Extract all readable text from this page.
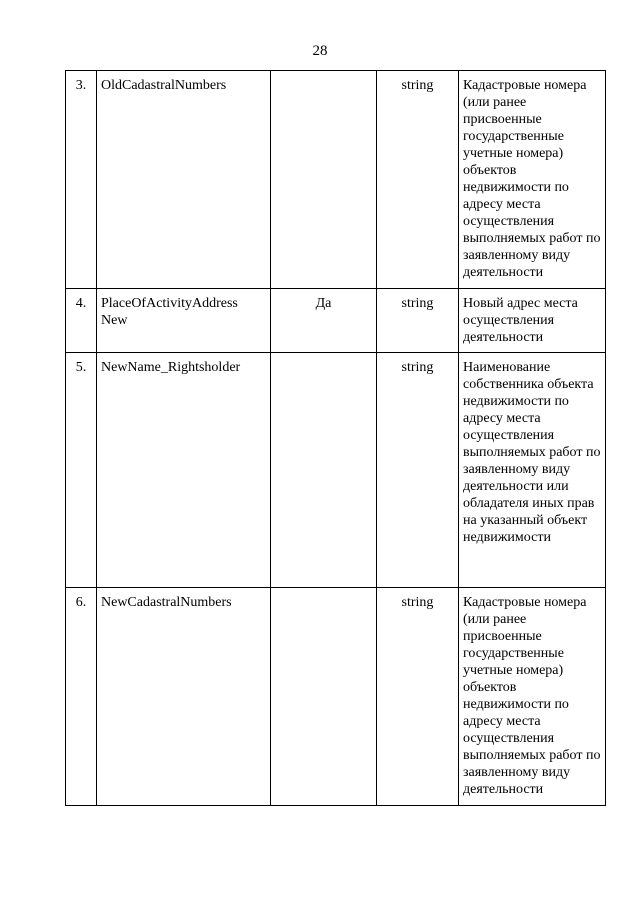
28
3.	OldCadastralNumbers		string	Кадастровые номера (или ранее присвоенные государственные учетные номера) объектов недвижимости по адресу места осуществления выполняемых работ по заявленному виду деятельности
4.	PlaceOfActivityAddress New	Да	string	Новый адрес места осуществления деятельности
5.	NewName_Rightsholder		string	Наименование собственника объекта недвижимости по адресу места осуществления выполняемых работ по заявленному виду деятельности или обладателя иных прав на указанный объект недвижимости
6.	NewCadastralNumbers		string	Кадастровые номера (или ранее присвоенные государственные учетные номера) объектов недвижимости по адресу места осуществления выполняемых работ по заявленному виду деятельности
